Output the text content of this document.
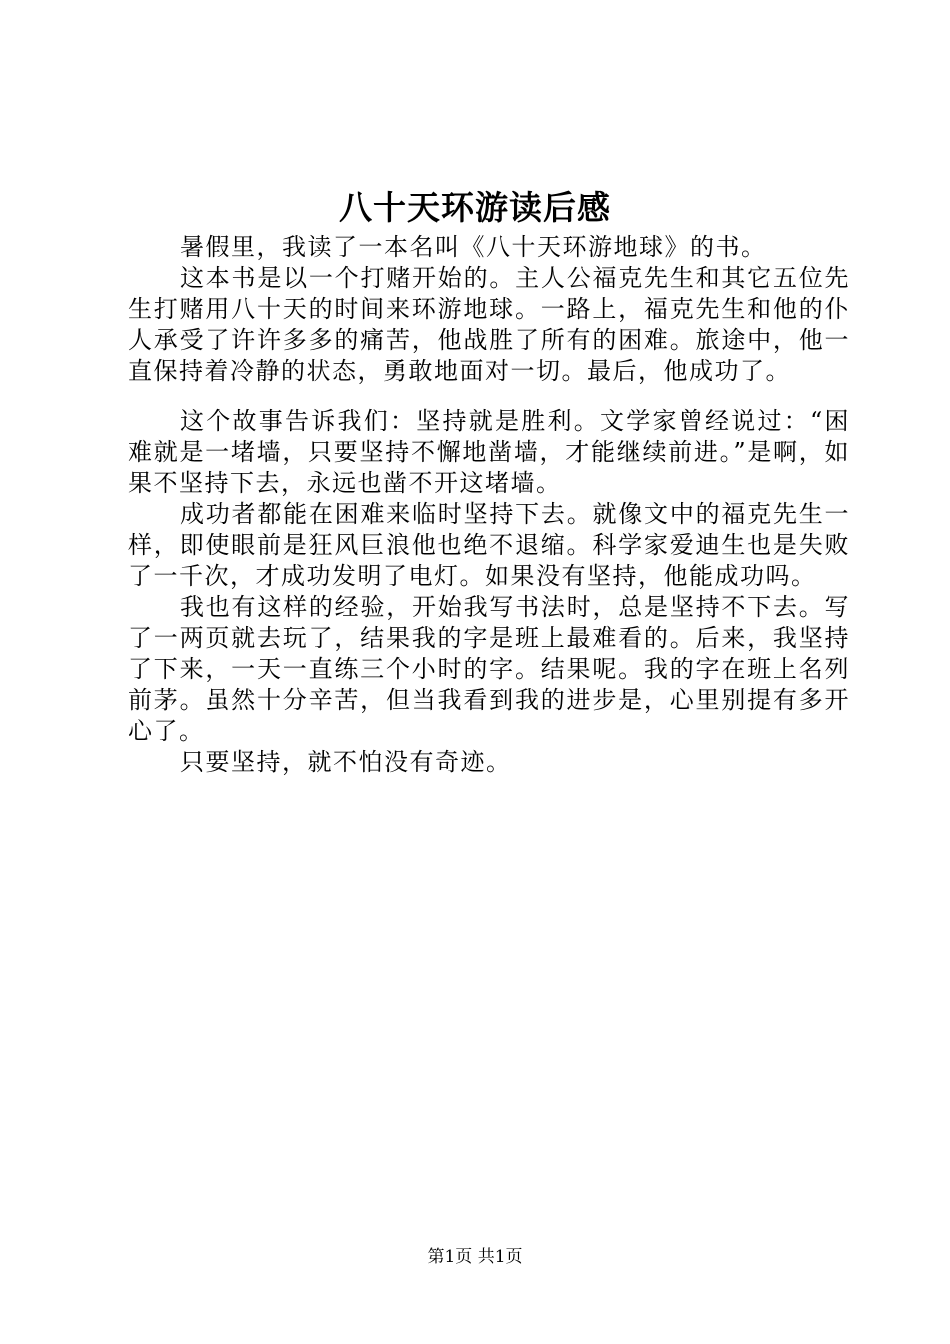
八十天环游读后感

暑假里，我读了一本名叫《八十天环游地球》的书。

这本书是以一个打赌开始的。主人公福克先生和其它五位先生打赌用八十天的时间来环游地球。一路上，福克先生和他的仆人承受了许许多多的痛苦，他战胜了所有的困难。旅途中，他一直保持着冷静的状态，勇敢地面对一切。最后，他成功了。

这个故事告诉我们：坚持就是胜利。文学家曾经说过：“困难就是一堵墙，只要坚持不懈地凿墙，才能继续前进。”是啊，如果不坚持下去，永远也凿不开这堵墙。

成功者都能在困难来临时坚持下去。就像文中的福克先生一样，即使眼前是狂风巨浪他也绝不退缩。科学家爱迪生也是失败了一千次，才成功发明了电灯。如果没有坚持，他能成功吗。

我也有这样的经验，开始我写书法时，总是坚持不下去。写了一两页就去玩了，结果我的字是班上最难看的。后来，我坚持了下来，一天一直练三个小时的字。结果呢。我的字在班上名列前茅。虽然十分辛苦，但当我看到我的进步是，心里别提有多开心了。

只要坚持，就不怕没有奇迹。

第1页 共1页
